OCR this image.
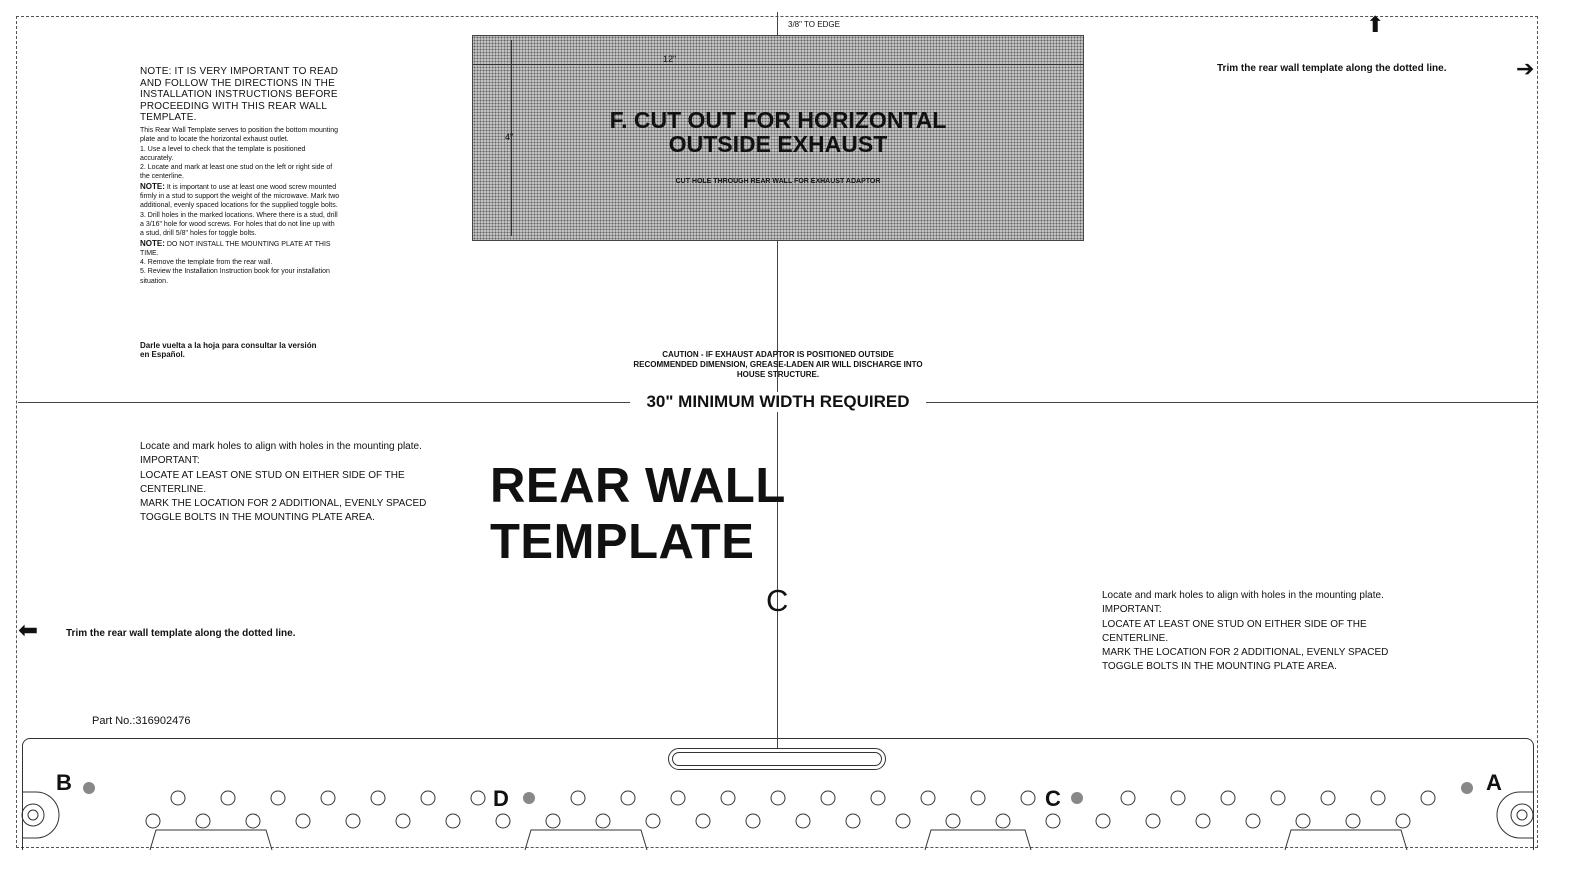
30" MINIMUM WIDTH REQUIRED
3/8" TO EDGE
12"
4"
F. CUT OUT FOR HORIZONTAL
OUTSIDE EXHAUST
CUT HOLE THROUGH REAR WALL FOR EXHAUST ADAPTOR
NOTE: IT IS VERY IMPORTANT TO READ AND FOLLOW THE DIRECTIONS IN THE INSTALLATION INSTRUCTIONS BEFORE PROCEEDING WITH THIS REAR WALL TEMPLATE.
This Rear Wall Template serves to position the bottom mounting plate and to locate the horizontal exhaust outlet.
1. Use a level to check that the template is positioned accurately.
2. Locate and mark at least one stud on the left or right side of the centerline.
NOTE: It is important to use at least one wood screw mounted firmly in a stud to support the weight of the microwave. Mark two additional, evenly spaced locations for the supplied toggle bolts.
3. Drill holes in the marked locations. Where there is a stud, drill a 3/16" hole for wood screws. For holes that do not line up with a stud, drill 5/8" holes for toggle bolts.
NOTE: DO NOT INSTALL THE MOUNTING PLATE AT THIS TIME.
4. Remove the template from the rear wall.
5. Review the Installation Instruction book for your installation situation.
Darle vuelta a la hoja para consultar la versión en Español.	CAUTION - IF EXHAUST ADAPTOR IS POSITIONED OUTSIDE RECOMMENDED DIMENSION, GREASE-LADEN AIR WILL DISCHARGE INTO HOUSE STRUCTURE.
⬆
Trim the rear wall template along the dotted line.	➔
⬅	Trim the rear wall template along the dotted line.
Locate and mark holes to align with holes in the mounting plate.
IMPORTANT:
LOCATE AT LEAST ONE STUD ON EITHER SIDE OF THE CENTERLINE.
MARK THE LOCATION FOR 2 ADDITIONAL, EVENLY SPACED TOGGLE BOLTS IN THE MOUNTING PLATE AREA.
Locate and mark holes to align with holes in the mounting plate.
IMPORTANT:
LOCATE AT LEAST ONE STUD ON EITHER SIDE OF THE CENTERLINE.
MARK THE LOCATION FOR 2 ADDITIONAL, EVENLY SPACED TOGGLE BOLTS IN THE MOUNTING PLATE AREA.
REAR WALL TEMPLATE
C
Part No.:316902476
B
D	C
A
